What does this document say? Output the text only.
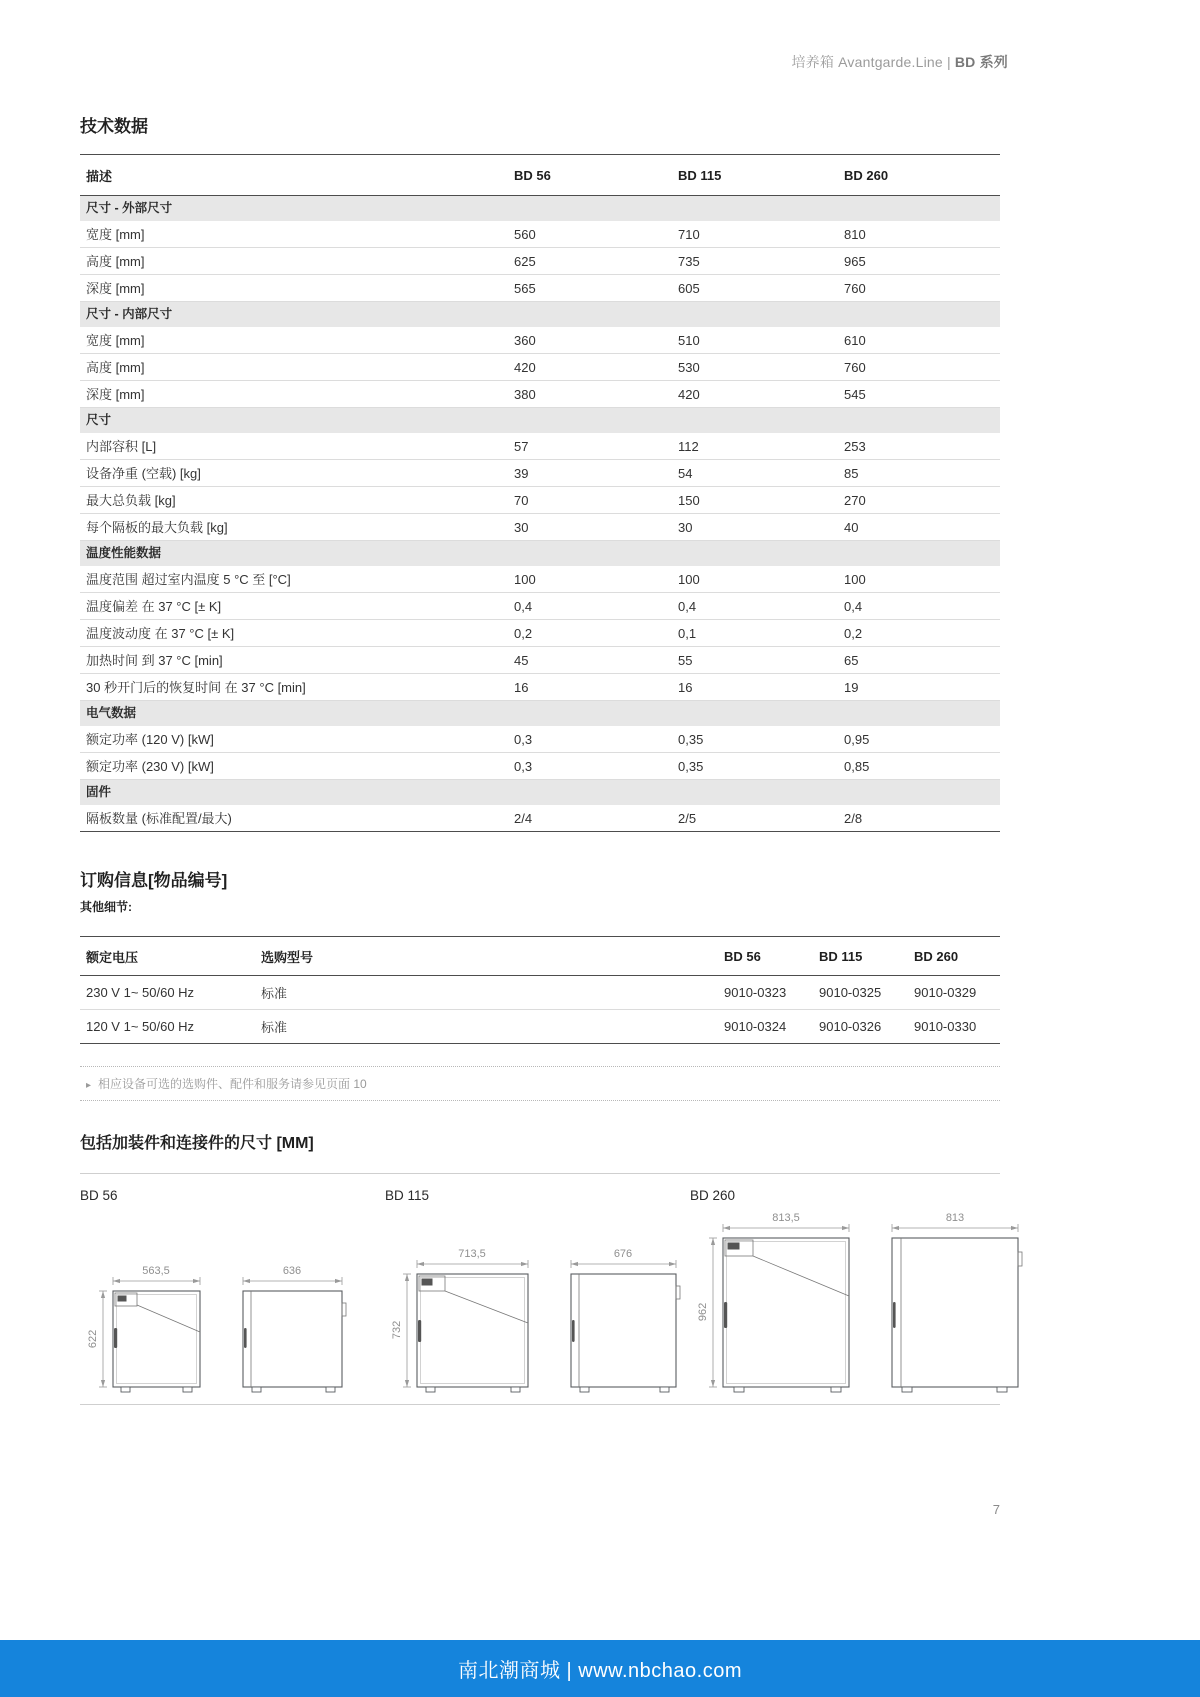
培养箱 Avantgarde.Line | BD 系列
技术数据
描述	BD 56	BD 115	BD 260
尺寸 - 外部尺寸			
宽度 [mm]	560	710	810
高度 [mm]	625	735	965
深度 [mm]	565	605	760
尺寸 - 内部尺寸			
宽度 [mm]	360	510	610
高度 [mm]	420	530	760
深度 [mm]	380	420	545
尺寸			
内部容积 [L]	57	112	253
设备净重 (空载) [kg]	39	54	85
最大总负载 [kg]	70	150	270
每个隔板的最大负载 [kg]	30	30	40
温度性能数据			
温度范围 超过室内温度 5 °C 至 [°C]	100	100	100
温度偏差 在 37 °C [± K]	0,4	0,4	0,4
温度波动度 在 37 °C [± K]	0,2	0,1	0,2
加热时间 到 37 °C [min]	45	55	65
30 秒开门后的恢复时间 在 37 °C [min]	16	16	19
电气数据			
额定功率 (120 V) [kW]	0,3	0,35	0,95
额定功率 (230 V) [kW]	0,3	0,35	0,85
固件			
隔板数量 (标准配置/最大)	2/4	2/5	2/8
订购信息[物品编号]
其他细节:
额定电压	选购型号	BD 56	BD 115	BD 260
230 V 1~ 50/60 Hz	标准	9010-0323	9010-0325	9010-0329
120 V 1~ 50/60 Hz	标准	9010-0324	9010-0326	9010-0330
▸ 相应设备可选的选购件、配件和服务请参见页面 10
包括加装件和连接件的尺寸 [MM]
BD 56	BD 115	BD 260
563,5
622
636
713,5
732
676
813,5
962
813
7
南北潮商城 | www.nbchao.com
